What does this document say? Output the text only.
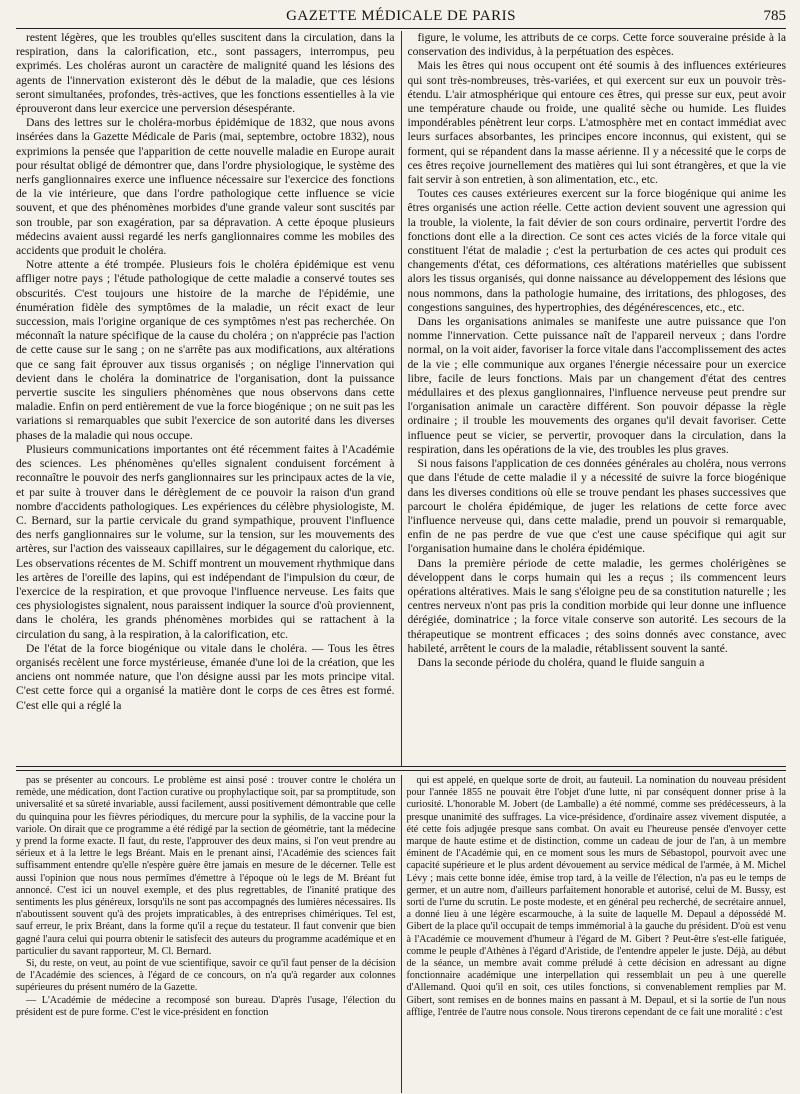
GAZETTE MÉDICALE DE PARIS	785

restent légères, que les troubles qu'elles suscitent dans la circulation, dans la respiration, dans la calorification, etc., sont passagers, interrompus, peu exprimés. Les choléras auront un caractère de malignité quand les lésions des agents de l'innervation existeront dès le début de la maladie, que ces lésions seront simultanées, profondes, très-actives, que les fonctions essentielles à la vie éprouveront dans leur exercice une perversion désespérante.

Dans des lettres sur le choléra-morbus épidémique de 1832, que nous avons insérées dans la Gazette Médicale de Paris (mai, septembre, octobre 1832), nous exprimions la pensée que l'apparition de cette nouvelle maladie en Europe aurait pour résultat obligé de démontrer que, dans l'ordre physiologique, le système des nerfs ganglionnaires exerce une influence nécessaire sur l'exercice des fonctions de la vie intérieure, que dans l'ordre pathologique cette influence se vicie souvent, et que des phénomènes morbides d'une grande valeur sont suscités par son trouble, par son exagération, par sa dépravation. A cette époque plusieurs médecins avaient aussi regardé les nerfs ganglionnaires comme les mobiles des accidents que produit le choléra.

Notre attente a été trompée. Plusieurs fois le choléra épidémique est venu affliger notre pays ; l'étude pathologique de cette maladie a conservé toutes ses obscurités. C'est toujours une histoire de la marche de l'épidémie, une énumération fidèle des symptômes de la maladie, un récit exact de leur succession, mais l'origine organique de ces symptômes n'est pas recherchée. On méconnaît la nature spécifique de la cause du choléra ; on n'apprécie pas l'action de cette cause sur le sang ; on ne s'arrête pas aux modifications, aux altérations que ce sang fait éprouver aux tissus organisés ; on néglige l'innervation qui devient dans le choléra la dominatrice de l'organisation, dont la puissance pervertie suscite les singuliers phénomènes que nous observons dans cette maladie. Enfin on perd entièrement de vue la force biogénique ; on ne suit pas les variations si remarquables que subit l'exercice de son autorité dans les diverses phases de la maladie qui nous occupe.

Plusieurs communications importantes ont été récemment faites à l'Académie des sciences. Les phénomènes qu'elles signalent conduisent forcément à reconnaître le pouvoir des nerfs ganglionnaires sur les principaux actes de la vie, et par suite à trouver dans le dérèglement de ce pouvoir la raison d'un grand nombre d'accidents pathologiques. Les expériences du célèbre physiologiste, M. C. Bernard, sur la partie cervicale du grand sympathique, prouvent l'influence des nerfs ganglionnaires sur le volume, sur la tension, sur les mouvements des artères, sur l'action des vaisseaux capillaires, sur le dégagement du calorique, etc. Les observations récentes de M. Schiff montrent un mouvement rhythmique dans les artères de l'oreille des lapins, qui est indépendant de l'impulsion du cœur, de l'exercice de la respiration, et que provoque l'influence nerveuse. Les faits que ces physiologistes signalent, nous paraissent indiquer la source d'où proviennent, dans le choléra, les grands phénomènes morbides qui se rattachent à la circulation du sang, à la respiration, à la calorification, etc.

De l'état de la force biogénique ou vitale dans le choléra. — Tous les êtres organisés recèlent une force mystérieuse, émanée d'une loi de la création, que les anciens ont nommée nature, que l'on désigne aussi par les mots principe vital. C'est cette force qui a organisé la matière dont le corps de ces êtres est formé. C'est elle qui a réglé la

figure, le volume, les attributs de ce corps. Cette force souveraine préside à la conservation des individus, à la perpétuation des espèces.

Mais les êtres qui nous occupent ont été soumis à des influences extérieures qui sont très-nombreuses, très-variées, et qui exercent sur eux un pouvoir très-étendu. L'air atmosphérique qui entoure ces êtres, qui presse sur eux, peut avoir une température chaude ou froide, une qualité sèche ou humide. Les fluides impondérables pénètrent leur corps. L'atmosphère met en contact immédiat avec leurs surfaces absorbantes, les principes encore inconnus, qui existent, qui se forment, qui se répandent dans la masse aérienne. Il y a nécessité que le corps de ces êtres reçoive journellement des matières qui lui sont étrangères, et que la vie fait servir à son entretien, à son alimentation, etc., etc.

Toutes ces causes extérieures exercent sur la force biogénique qui anime les êtres organisés une action réelle. Cette action devient souvent une agression qui la trouble, la violente, la fait dévier de son cours ordinaire, pervertit l'ordre des fonctions dont elle a la direction. Ce sont ces actes viciés de la force vitale qui constituent l'état de maladie ; c'est la perturbation de ces actes qui produit ces changements d'état, ces déformations, ces altérations matérielles que subissent alors les tissus organisés, qui donne naissance au développement des lésions que nous nommons, dans la pathologie humaine, des irritations, des phlogoses, des congestions sanguines, des hypertrophies, des dégénérescences, etc., etc.

Dans les organisations animales se manifeste une autre puissance que l'on nomme l'innervation. Cette puissance naît de l'appareil nerveux ; dans l'ordre normal, on la voit aider, favoriser la force vitale dans l'accomplissement des actes de la vie ; elle communique aux organes l'énergie nécessaire pour un exercice libre, facile de leurs fonctions. Mais par un changement d'état des centres médullaires et des plexus ganglionnaires, l'influence nerveuse peut prendre sur l'organisation animale un caractère différent. Son pouvoir dépasse la règle ordinaire ; il trouble les mouvements des organes qu'il devait favoriser. Cette influence peut se vicier, se pervertir, provoquer dans la circulation, dans la respiration, dans les opérations de la vie, des troubles les plus graves.

Si nous faisons l'application de ces données générales au choléra, nous verrons que dans l'étude de cette maladie il y a nécessité de suivre la force biogénique dans les diverses conditions où elle se trouve pendant les phases successives que parcourt le choléra épidémique, de juger les relations de cette force avec l'influence nerveuse qui, dans cette maladie, prend un pouvoir si remarquable, enfin de ne pas perdre de vue que c'est une cause spécifique qui agit sur l'organisation humaine dans le choléra épidémique.

Dans la première période de cette maladie, les germes cholérigènes se développent dans le corps humain qui les a reçus ; ils commencent leurs opérations altératives. Mais le sang s'éloigne peu de sa constitution naturelle ; les centres nerveux n'ont pas pris la condition morbide qui leur donne une influence dérégiée, dominatrice ; la force vitale conserve son autorité. Les secours de la thérapeutique se montrent efficaces ; des soins donnés avec constance, avec habileté, arrêtent le cours de la maladie, rétablissent souvent la santé.

Dans la seconde période du choléra, quand le fluide sanguin a

pas se présenter au concours. Le problème est ainsi posé : trouver contre le choléra un remède, une médication, dont l'action curative ou prophylactique soit, par sa promptitude, son universalité et sa sûreté invariable, aussi facilement, aussi positivement démontrable que celle du quinquina pour les fièvres périodiques, du mercure pour la syphilis, de la vaccine pour la variole. On dirait que ce programme a été rédigé par la section de géométrie, tant la médecine y prend la forme exacte. Il faut, du reste, l'approuver des deux mains, si l'on veut prendre au sérieux et à la lettre le legs Bréant. Mais en le prenant ainsi, l'Académie des sciences fait suffisamment entendre qu'elle n'espère guère être jamais en mesure de le décerner. Telle est aussi l'opinion que nous nous permîmes d'émettre à l'époque où le legs de M. Bréant fut annoncé. C'est ici un nouvel exemple, et des plus regrettables, de l'inanité pratique des sentiments les plus généreux, lorsqu'ils ne sont pas accompagnés des lumières nécessaires. Ils n'aboutissent souvent qu'à des projets impraticables, à des entreprises chimériques. Tel est, sauf erreur, le prix Bréant, dans la forme qu'il a reçue du testateur. Il faut convenir que bien gagné l'aura celui qui pourra obtenir le satisfecit des auteurs du programme académique et en particulier du savant rapporteur, M. Cl. Bernard.

Si, du reste, on veut, au point de vue scientifique, savoir ce qu'il faut penser de la décision de l'Académie des sciences, à l'égard de ce concours, on n'a qu'à regarder aux colonnes supérieures du présent numéro de la Gazette.

— L'Académie de médecine a recomposé son bureau. D'après l'usage, l'élection du président est de pure forme. C'est le vice-président en fonction

qui est appelé, en quelque sorte de droit, au fauteuil. La nomination du nouveau président pour l'année 1855 ne pouvait être l'objet d'une lutte, ni par conséquent donner prise à la curiosité. L'honorable M. Jobert (de Lamballe) a été nommé, comme ses prédécesseurs, à la presque unanimité des suffrages. La vice-présidence, d'ordinaire assez vivement disputée, a été cette fois adjugée presque sans combat. On avait eu l'heureuse pensée d'envoyer cette marque de haute estime et de distinction, comme un cadeau de jour de l'an, à un membre éminent de l'Académie qui, en ce moment sous les murs de Sébastopol, pourvoit avec une capacité supérieure et le plus ardent dévouement au service médical de l'armée, à M. Michel Lévy ; mais cette bonne idée, émise trop tard, à la veille de l'élection, n'a pas eu le temps de germer, et un autre nom, d'ailleurs parfaitement honorable et autorisé, celui de M. Bussy, est sorti de l'urne du scrutin. Le poste modeste, et en général peu recherché, de secrétaire annuel, a donné lieu à une légère escarmouche, à la suite de laquelle M. Depaul a dépossédé M. Gibert de la place qu'il occupait de temps immémorial à la gauche du président. D'où est venu à l'Académie ce mouvement d'humeur à l'égard de M. Gibert ? Peut-être s'est-elle fatiguée, comme le peuple d'Athènes à l'égard d'Aristide, de l'entendre appeler le juste. Déjà, au début de la séance, un membre avait comme préludé à cette décision en adressant au digne fonctionnaire académique une interpellation qui ressemblait un peu à une querelle d'Allemand. Quoi qu'il en soit, ces utiles fonctions, si convenablement remplies par M. Gibert, sont remises en de bonnes mains en passant à M. Depaul, et si la sortie de l'un nous afflige, l'entrée de l'autre nous console. Nous tirerons cependant de ce fait une moralité : c'est
